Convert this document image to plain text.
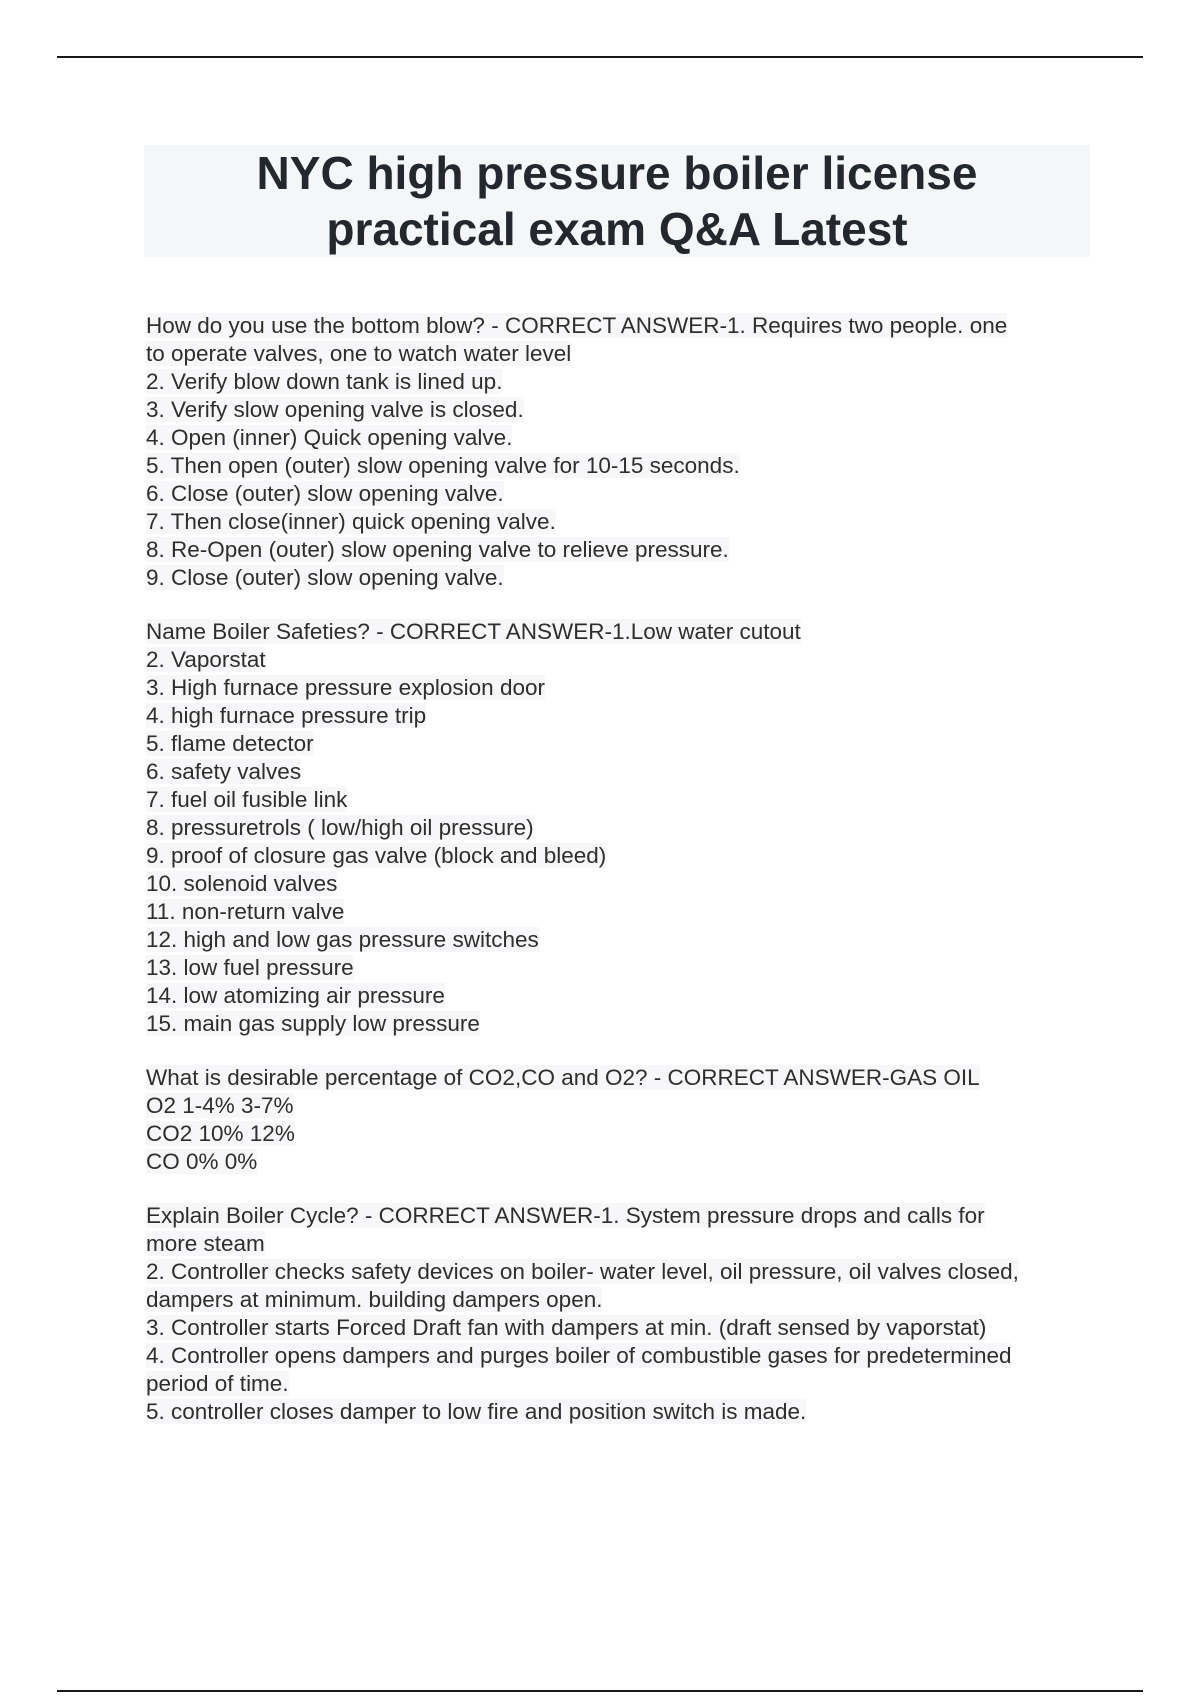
NYC high pressure boiler license
practical exam Q&A Latest
How do you use the bottom blow? - CORRECT ANSWER-1. Requires two people. one
to operate valves, one to watch water level
2. Verify blow down tank is lined up.
3. Verify slow opening valve is closed.
4. Open (inner) Quick opening valve.
5. Then open (outer) slow opening valve for 10-15 seconds.
6. Close (outer) slow opening valve.
7. Then close(inner) quick opening valve.
8. Re-Open (outer) slow opening valve to relieve pressure.
9. Close (outer) slow opening valve.
Name Boiler Safeties? - CORRECT ANSWER-1.Low water cutout
2. Vaporstat
3. High furnace pressure explosion door
4. high furnace pressure trip
5. flame detector
6. safety valves
7. fuel oil fusible link
8. pressuretrols ( low/high oil pressure)
9. proof of closure gas valve (block and bleed)
10. solenoid valves
11. non-return valve
12. high and low gas pressure switches
13. low fuel pressure
14. low atomizing air pressure
15. main gas supply low pressure
What is desirable percentage of CO2,CO and O2? - CORRECT ANSWER-GAS OIL
O2 1-4% 3-7%
CO2 10% 12%
CO 0% 0%
Explain Boiler Cycle? - CORRECT ANSWER-1. System pressure drops and calls for
more steam
2. Controller checks safety devices on boiler- water level, oil pressure, oil valves closed,
dampers at minimum. building dampers open.
3. Controller starts Forced Draft fan with dampers at min. (draft sensed by vaporstat)
4. Controller opens dampers and purges boiler of combustible gases for predetermined
period of time.
5. controller closes damper to low fire and position switch is made.
